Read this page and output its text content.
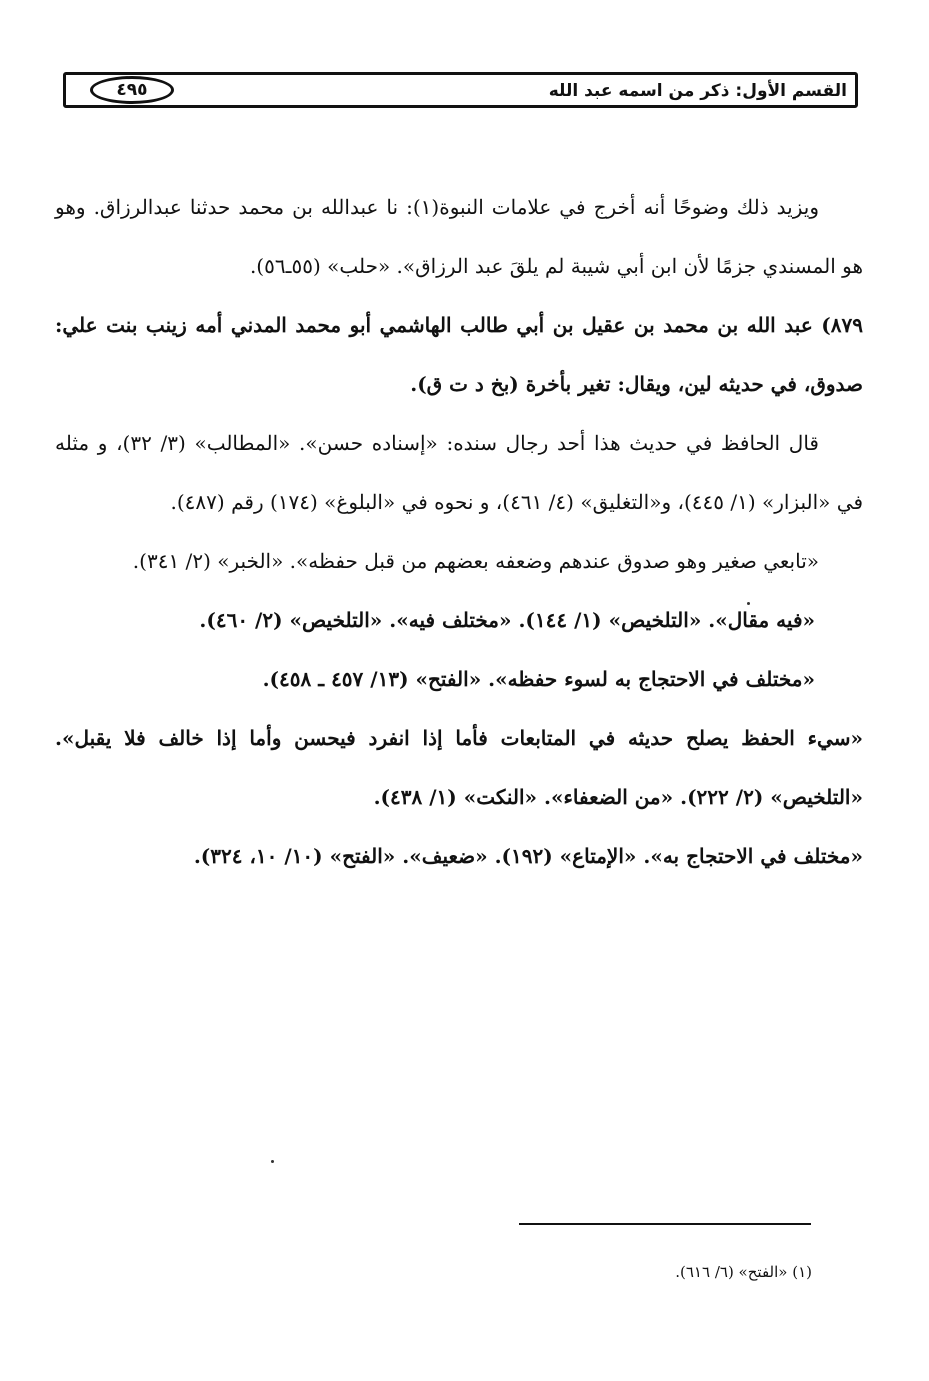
القسم الأول: ذكر من اسمه عبد الله
٤٩٥

ويزيد ذلك وضوحًا أنه أخرج في علامات النبوة(١): نا عبدالله بن محمد حدثنا عبدالرزاق. وهو هو المسندي جزمًا لأن ابن أبي شيبة لم يلقَ عبد الرزاق». «حلب» (٥٥ـ٥٦).

٨٧٩) عبد الله بن محمد بن عقيل بن أبي طالب الهاشمي أبو محمد المدني أمه زينب بنت علي: صدوق، في حديثه لين، ويقال: تغير بأخرة (بخ د ت ق).

قال الحافظ في حديث هذا أحد رجال سنده: «إسناده حسن». «المطالب» (٣/ ٣٢)، و مثله في «البزار» (١/ ٤٤٥)، و«التغليق» (٤/ ٤٦١)، و نحوه في «البلوغ» (١٧٤) رقم (٤٨٧).

«تابعي صغير وهو صدوق عندهم وضعفه بعضهم من قبل حفظه». «الخبر» (٢/ ٣٤١).

«فيه مقال». «التلخيص» (١/ ١٤٤). «مختلف فيه». «التلخيص» (٢/ ٤٦٠).

«مختلف في الاحتجاج به لسوء حفظه». «الفتح» (١٣/ ٤٥٧ ـ ٤٥٨).

«سيء الحفظ يصلح حديثه في المتابعات فأما إذا انفرد فيحسن وأما إذا خالف فلا يقبل». «التلخيص» (٢/ ٢٢٢). «من الضعفاء». «النكت» (١/ ٤٣٨).

«مختلف في الاحتجاج به». «الإمتاع» (١٩٢). «ضعيف». «الفتح» (١٠/ ١٠، ٣٢٤).

(١) «الفتح» (٦/ ٦١٦).
